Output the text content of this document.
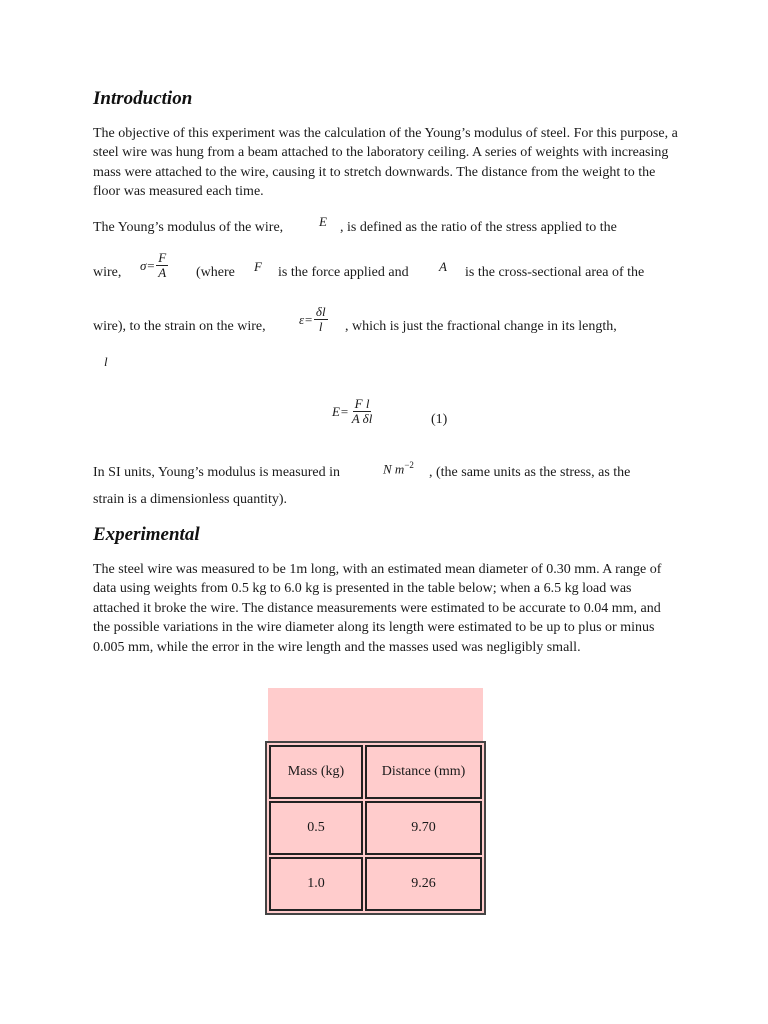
Introduction
The objective of this experiment was the calculation of the Young’s modulus of steel. For this purpose, a steel wire was hung from a beam attached to the laboratory ceiling. A series of weights with increasing mass were attached to the wire, causing it to stretch downwards. The distance from the weight to the floor was measured each time.
The Young’s modulus of the wire,	E , is defined as the ratio of the stress applied to the
wire, $\sigma= \frac{F}{A}$ (where F is the force applied and A is the cross-sectional area of the
wire), to the strain on the wire,	$\varepsilon= \frac{\delta l}{l}$ , which is just the fractional change in its length,
l
$E= \frac{\text{F l}}{\text{A δl}}$	(1)
In SI units, Young’s modulus is measured in	N $m^{-2}$ , (the same units as the stress, as the
strain is a dimensionless quantity).
Experimental
The steel wire was measured to be 1m long, with an estimated mean diameter of 0.30 mm. A range of data using weights from 0.5 kg to 6.0 kg is presented in the table below; when a 6.5 kg load was attached it broke the wire. The distance measurements were estimated to be accurate to 0.04 mm, and the possible variations in the wire diameter along its length were estimated to be up to plus or minus 0.005 mm, while the error in the wire length and the masses used was negligibly small.
Mass (kg)	Distance (mm)
0.5	9.70
1.0	9.26
